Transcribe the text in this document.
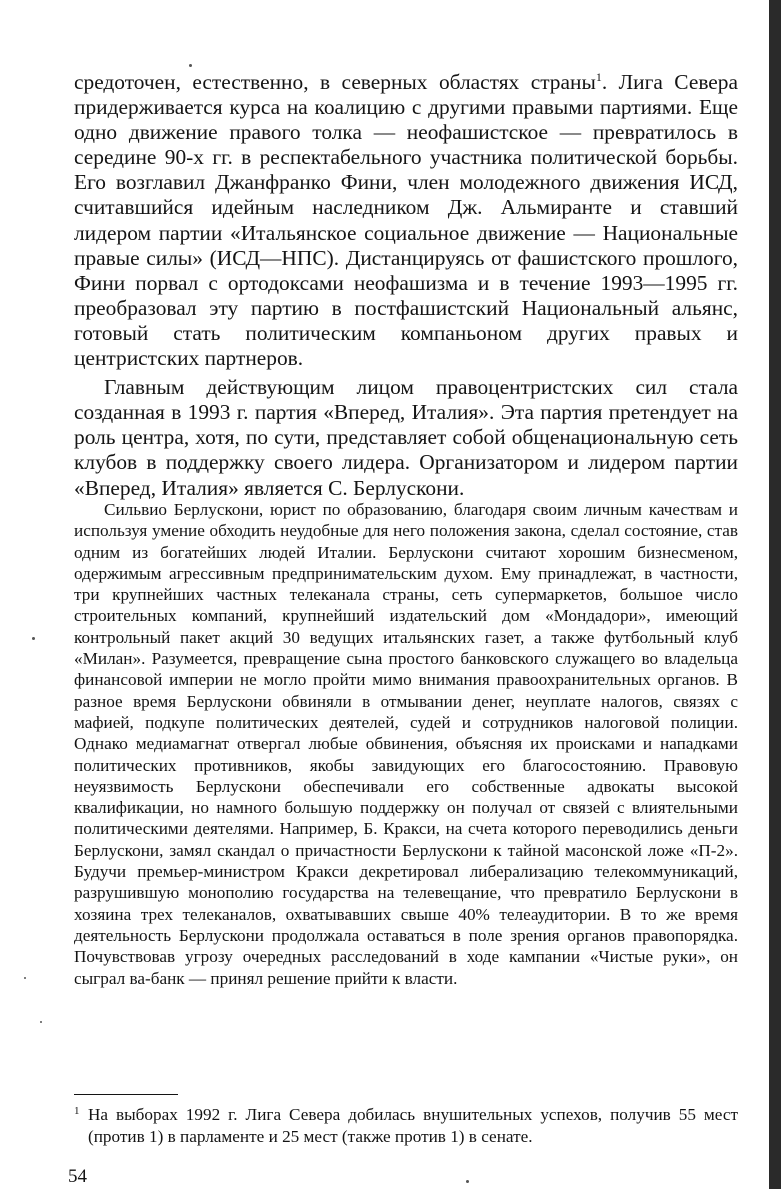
средоточен, естественно, в северных областях страны$^1$. Лига Севера придерживается курса на коалицию с другими правыми партиями. Еще одно движение правого толка — неофашистское — превратилось в середине 90-х гг. в респектабельного участника политической борьбы. Его возглавил Джанфранко Фини, член молодежного движения ИСД, считавшийся идейным наследником Дж. Альмиранте и ставший лидером партии «Итальянское социальное движение — Национальные правые силы» (ИСД—НПС). Дистанцируясь от фашистского прошлого, Фини порвал с ортодоксами неофашизма и в течение 1993—1995 гг. преобразовал эту партию в постфашистский Национальный альянс, готовый стать политическим компаньоном других правых и центристских партнеров.

Главным действующим лицом правоцентристских сил стала созданная в 1993 г. партия «Вперед, Италия». Эта партия претендует на роль центра, хотя, по сути, представляет собой общенациональную сеть клубов в поддержку своего лидера. Организатором и лидером партии «Вперед, Италия» является С. Берлускони.

Сильвио Берлускони, юрист по образованию, благодаря своим личным качествам и используя умение обходить неудобные для него положения закона, сделал состояние, став одним из богатейших людей Италии. Берлускони считают хорошим бизнесменом, одержимым агрессивным предпринимательским духом. Ему принадлежат, в частности, три крупнейших частных телеканала страны, сеть супермаркетов, большое число строительных компаний, крупнейший издательский дом «Мондадори», имеющий контрольный пакет акций 30 ведущих итальянских газет, а также футбольный клуб «Милан». Разумеется, превращение сына простого банковского служащего во владельца финансовой империи не могло пройти мимо внимания правоохранительных органов. В разное время Берлускони обвиняли в отмывании денег, неуплате налогов, связях с мафией, подкупе политических деятелей, судей и сотрудников налоговой полиции. Однако медиамагнат отвергал любые обвинения, объясняя их происками и нападками политических противников, якобы завидующих его благосостоянию. Правовую неуязвимость Берлускони обеспечивали его собственные адвокаты высокой квалификации, но намного большую поддержку он получал от связей с влиятельными политическими деятелями. Например, Б. Кракси, на счета которого переводились деньги Берлускони, замял скандал о причастности Берлускони к тайной масонской ложе «П-2». Будучи премьер-министром Кракси декретировал либерализацию телекоммуникаций, разрушившую монополию государства на телевещание, что превратило Берлускони в хозяина трех телеканалов, охватывавших свыше 40% телеаудитории. В то же время деятельность Берлускони продолжала оставаться в поле зрения органов правопорядка. Почувствовав угрозу очередных расследований в ходе кампании «Чистые руки», он сыграл ва-банк — принял решение прийти к власти.

1 На выборах 1992 г. Лига Севера добилась внушительных успехов, получив 55 мест (против 1) в парламенте и 25 мест (также против 1) в сенате.

54
